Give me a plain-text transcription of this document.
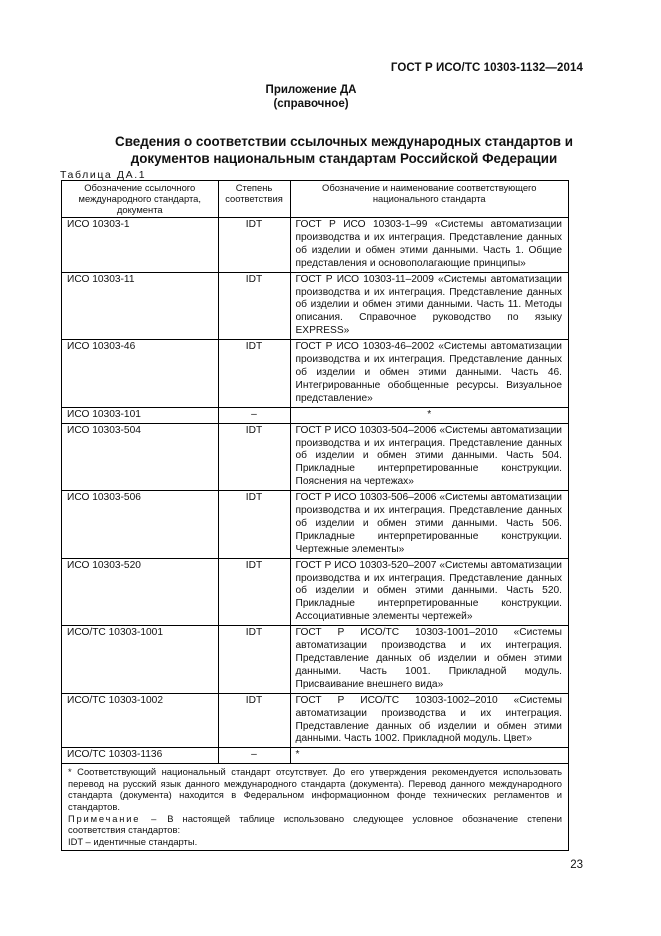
ГОСТ Р ИСО/ТС 10303-1132—2014
Приложение ДА
(справочное)
Сведения о соответствии ссылочных международных стандартов и
документов национальным стандартам Российской Федерации
Таблица ДА.1
Обозначение ссылочного международного стандарта, документа	Степень соответствия	Обозначение и наименование соответствующего национального стандарта
ИСО 10303-1	IDT	ГОСТ Р ИСО 10303-1–99 «Системы автоматизации производства и их интеграция. Представление данных об изделии и обмен этими данными. Часть 1. Общие представления и основополагающие принципы»
ИСО 10303-11	IDT	ГОСТ Р ИСО 10303-11–2009 «Системы автоматизации производства и их интеграция. Представление данных об изделии и обмен этими данными. Часть 11. Методы описания. Справочное руководство по языку EXPRESS»
ИСО 10303-46	IDT	ГОСТ Р ИСО 10303-46–2002 «Системы автоматизации производства и их интеграция. Представление данных об изделии и обмен этими данными. Часть 46. Интегрированные обобщенные ресурсы. Визуальное представление»
ИСО 10303-101	–	*
ИСО 10303-504	IDT	ГОСТ Р ИСО 10303-504–2006 «Системы автоматизации производства и их интеграция. Представление данных об изделии и обмен этими данными. Часть 504. Прикладные интерпретированные конструкции. Пояснения на чертежах»
ИСО 10303-506	IDT	ГОСТ Р ИСО 10303-506–2006 «Системы автоматизации производства и их интеграция. Представление данных об изделии и обмен этими данными. Часть 506. Прикладные интерпретированные конструкции. Чертежные элементы»
ИСО 10303-520	IDT	ГОСТ Р ИСО 10303-520–2007 «Системы автоматизации производства и их интеграция. Представление данных об изделии и обмен этими данными. Часть 520. Прикладные интерпретированные конструкции. Ассоциативные элементы чертежей»
ИСО/ТС 10303-1001	IDT	ГОСТ Р ИСО/ТС 10303-1001–2010 «Системы автоматизации производства и их интеграция. Представление данных об изделии и обмен этими данными. Часть 1001. Прикладной модуль. Присваивание внешнего вида»
ИСО/ТС 10303-1002	IDT	ГОСТ Р ИСО/ТС 10303-1002–2010 «Системы автоматизации производства и их интеграция. Представление данных об изделии и обмен этими данными. Часть 1002. Прикладной модуль. Цвет»
ИСО/ТС 10303-1136	–	*
* Соответствующий национальный стандарт отсутствует. До его утверждения рекомендуется использовать перевод на русский язык данного международного стандарта (документа). Перевод данного международного стандарта (документа) находится в Федеральном информационном фонде технических регламентов и стандартов.
Примечание – В настоящей таблице использовано следующее условное обозначение степени соответствия стандартов:
IDT – идентичные стандарты.
23
